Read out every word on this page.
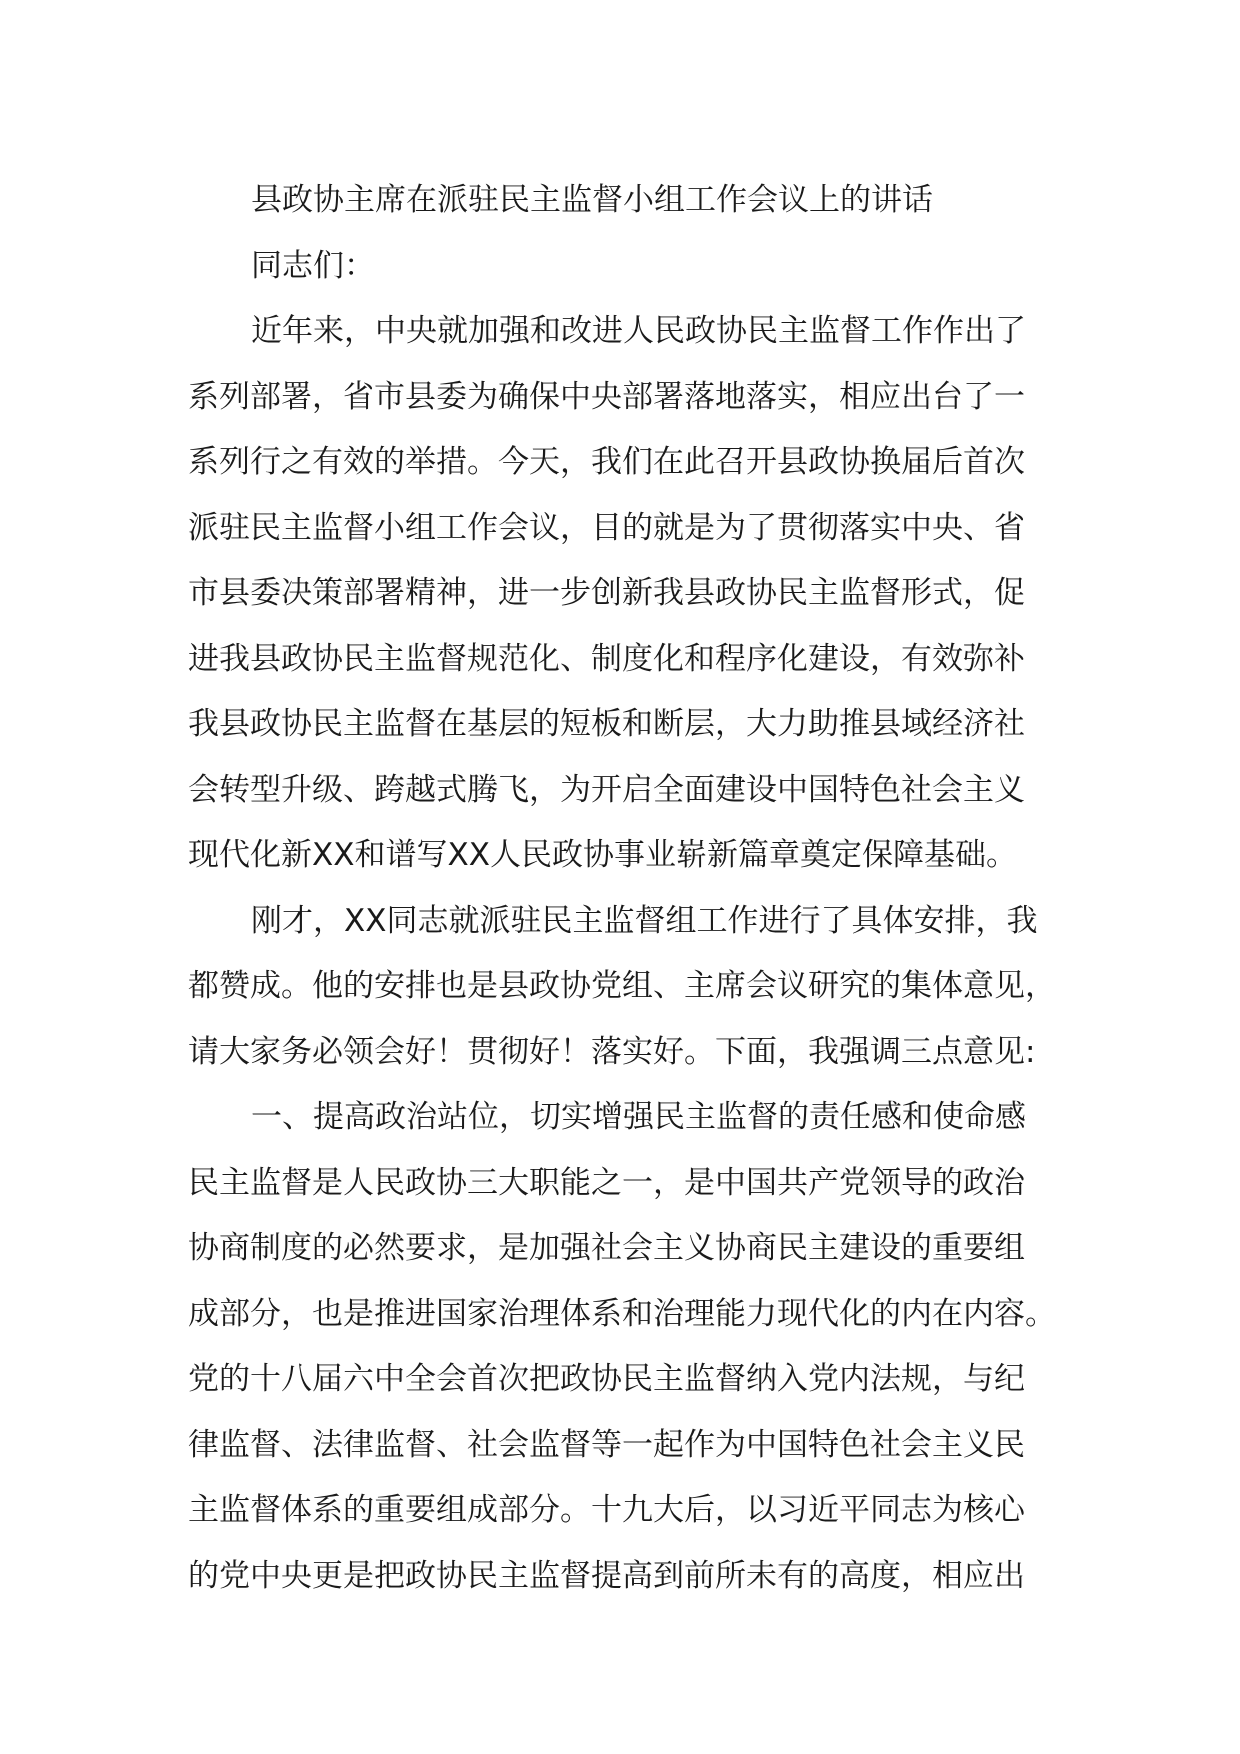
县政协主席在派驻民主监督小组工作会议上的讲话
同志们：
近年来，中央就加强和改进人民政协民主监督工作作出了
系列部署，省市县委为确保中央部署落地落实，相应出台了一
系列行之有效的举措。今天，我们在此召开县政协换届后首次
派驻民主监督小组工作会议，目的就是为了贯彻落实中央、省
市县委决策部署精神，进一步创新我县政协民主监督形式，促
进我县政协民主监督规范化、制度化和程序化建设，有效弥补
我县政协民主监督在基层的短板和断层，大力助推县域经济社
会转型升级、跨越式腾飞，为开启全面建设中国特色社会主义
现代化新XX和谱写XX人民政协事业崭新篇章奠定保障基础。
刚才，XX同志就派驻民主监督组工作进行了具体安排，我
都赞成。他的安排也是县政协党组、主席会议研究的集体意见，
请大家务必领会好！贯彻好！落实好。下面，我强调三点意见:
一、提高政治站位，切实增强民主监督的责任感和使命感
民主监督是人民政协三大职能之一，是中国共产党领导的政治
协商制度的必然要求，是加强社会主义协商民主建设的重要组
成部分，也是推进国家治理体系和治理能力现代化的内在内容。
党的十八届六中全会首次把政协民主监督纳入党内法规，与纪
律监督、法律监督、社会监督等一起作为中国特色社会主义民
主监督体系的重要组成部分。十九大后，以习近平同志为核心
的党中央更是把政协民主监督提高到前所未有的高度，相应出
